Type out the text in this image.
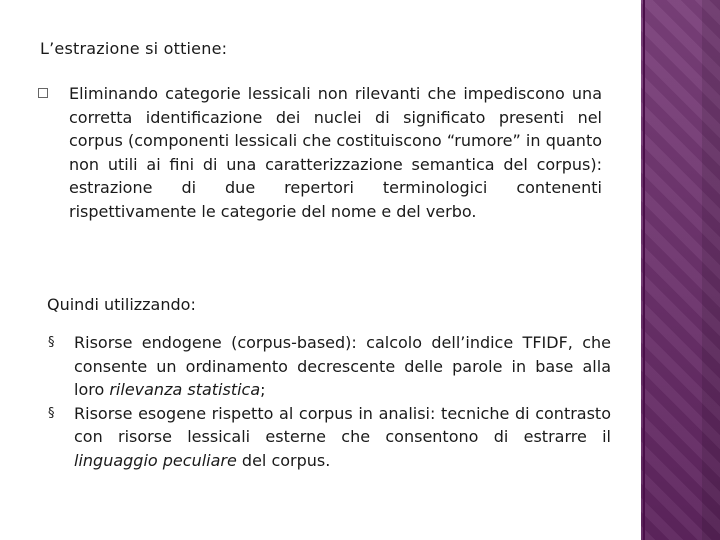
L’estrazione si ottiene:
Eliminando categorie lessicali non rilevanti che impediscono una corretta identificazione dei nuclei di significato presenti nel corpus (componenti lessicali che costituiscono “rumore” in quanto non utili ai fini di una caratterizzazione semantica del corpus): estrazione di due repertori terminologici contenenti rispettivamente le categorie del nome e del verbo.
Quindi utilizzando:
§ Risorse endogene (corpus-based): calcolo dell’indice TFIDF, che consente un ordinamento decrescente delle parole in base alla loro rilevanza statistica;
§ Risorse esogene rispetto al corpus in analisi: tecniche di contrasto con risorse lessicali esterne che consentono di estrarre il linguaggio peculiare del corpus.
